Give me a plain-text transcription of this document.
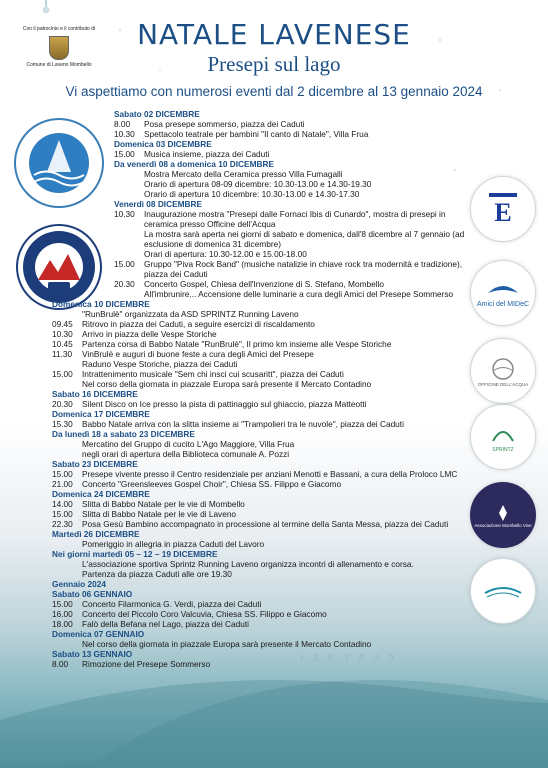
Con il patrocinio e il contributo di
Comune di Laveno Mombello
NATALE LAVENESE
Presepi sul lago
Vi aspettiamo con numerosi eventi dal 2 dicembre al 13 gennaio 2024
E
Amici del MIDeC
OFFICINE DELL'ACQUA
SPRINTZ
Associazione Mombello Vive
Sabato 02 DICEMBRE
8.00 Posa presepe sommerso, piazza dei Caduti
10.30 Spettacolo teatrale per bambini "Il canto di Natale", Villa Frua
Domenica 03 DICEMBRE
15.00 Musica insieme, piazza dei Caduti
Da venerdì 08 a domenica 10 DICEMBRE
Mostra Mercato della Ceramica presso Villa Fumagalli
Orario di apertura 08-09 dicembre: 10.30-13.00 e 14.30-19.30
Orario di apertura 10 dicembre: 10.30-13.00 e 14.30-17.30
Venerdì 08 DICEMBRE
10.30 Inaugurazione mostra "Presepi dalle Fornaci Ibis di Cunardo", mostra di presepi in
ceramica presso Officine dell'Acqua
La mostra sarà aperta nei giorni di sabato e domenica, dall'8 dicembre al 7 gennaio (ad
esclusione di domenica 31 dicembre)
Orari di apertura: 10.30-12.00 e 15.00-18.00
15.00 Gruppo "Piva Rock Band" (musiche natalizie in chiave rock tra modernità e tradizione),
piazza dei Caduti
20.30 Concerto Gospel, Chiesa dell'Invenzione di S. Stefano, Mombello
All'imbrunire... Accensione delle luminarie a cura degli Amici del Presepe Sommerso
Domenica 10 DICEMBRE
"RunBrulè" organizzata da ASD SPRINTZ Running Laveno
09.45 Ritrovo in piazza dei Caduti, a seguire esercizi di riscaldamento
10.30 Arrivo in piazza delle Vespe Storiche
10.45 Partenza corsa di Babbo Natale "RunBrulè", Il primo km insieme alle Vespe Storiche
11.30 VinBrulè e auguri di buone feste a cura degli Amici del Presepe
Raduno Vespe Storiche, piazza dei Caduti
15.00 Intrattenimento musicale "Sem chi insci cui scusaritt", piazza dei Caduti
Nel corso della giornata in piazzale Europa sarà presente il Mercato Contadino
Sabato 16 DICEMBRE
20.30 Silent Disco on Ice presso la pista di pattinaggio sul ghiaccio, piazza Matteotti
Domenica 17 DICEMBRE
15.30 Babbo Natale arriva con la slitta insieme ai "Trampolieri tra le nuvole", piazza dei Caduti
Da lunedì 18 a sabato 23 DICEMBRE
Mercatino del Gruppo di cucito L'Ago Maggiore, Villa Frua
negli orari di apertura della Biblioteca comunale A. Pozzi
Sabato 23 DICEMBRE
15.00 Presepe vivente presso il Centro residenziale per anziani Menotti e Bassani, a cura della Proloco LMC
21.00 Concerto "Greensleeves Gospel Choir", Chiesa SS. Filippo e Giacomo
Domenica 24 DICEMBRE
14.00 Slitta di Babbo Natale per le vie di Mombello
15.00 Slitta di Babbo Natale per le vie di Laveno
22.30 Posa Gesù Bambino accompagnato in processione al termine della Santa Messa, piazza dei Caduti
Martedì 26 DICEMBRE
Pomeriggio in allegria in piazza Caduti del Lavoro
Nei giorni martedì 05 – 12 – 19 DICEMBRE
L'associazione sportiva Sprintz Running Laveno organizza incontri di allenamento e corsa.
Partenza da piazza Caduti alle ore 19.30
Gennaio 2024
Sabato 06 GENNAIO
15.00 Concerto Filarmonica G. Verdi, piazza dei Caduti
16.00 Concerto del Piccolo Coro Valcuvia, Chiesa SS. Filippo e Giacomo
18.00 Falò della Befana nel Lago, piazza dei Caduti
Domenica 07 GENNAIO
Nel corso della giornata in piazzale Europa sarà presente il Mercato Contadino
Sabato 13 GENNAIO
8.00 Rimozione del Presepe Sommerso	I A E T P A X
